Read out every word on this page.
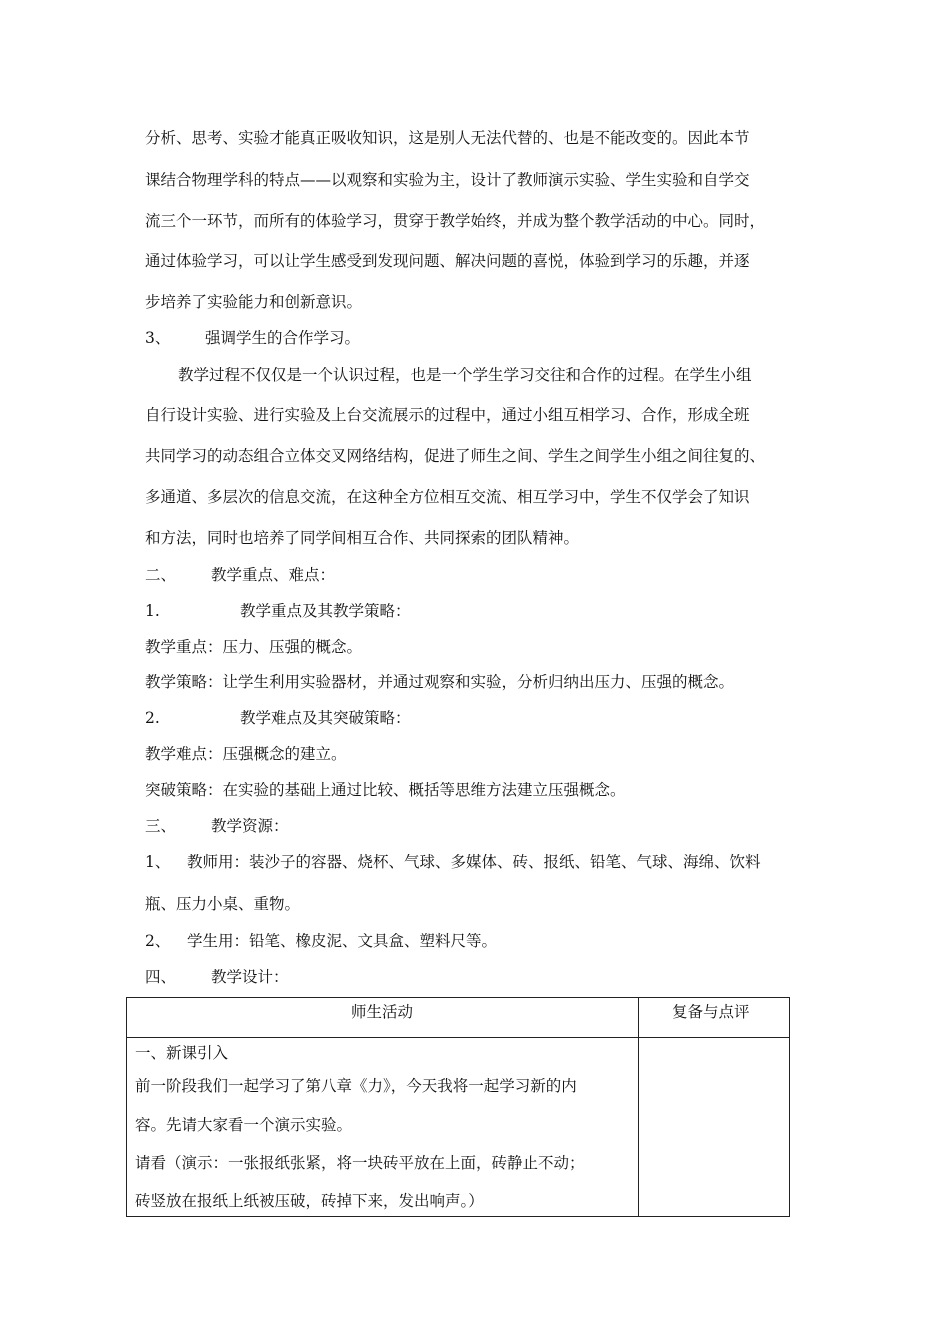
分析、思考、实验才能真正吸收知识，这是别人无法代替的、也是不能改变的。因此本节
课结合物理学科的特点——以观察和实验为主，设计了教师演示实验、学生实验和自学交
流三个一环节，而所有的体验学习，贯穿于教学始终，并成为整个教学活动的中心。同时，
通过体验学习，可以让学生感受到发现问题、解决问题的喜悦，体验到学习的乐趣，并逐
步培养了实验能力和创新意识。
3、 强调学生的合作学习。
教学过程不仅仅是一个认识过程，也是一个学生学习交往和合作的过程。在学生小组
自行设计实验、进行实验及上台交流展示的过程中，通过小组互相学习、合作，形成全班
共同学习的动态组合立体交叉网络结构，促进了师生之间、学生之间学生小组之间往复的、
多通道、多层次的信息交流，在这种全方位相互交流、相互学习中，学生不仅学会了知识
和方法，同时也培养了同学间相互合作、共同探索的团队精神。
二、 教学重点、难点：
1.	教学重点及其教学策略：
教学重点：压力、压强的概念。
教学策略：让学生利用实验器材，并通过观察和实验，分析归纳出压力、压强的概念。
2.	教学难点及其突破策略：
教学难点：压强概念的建立。
突破策略：在实验的基础上通过比较、概括等思维方法建立压强概念。
三、 教学资源：
1、 教师用：装沙子的容器、烧杯、气球、多媒体、砖、报纸、铅笔、气球、海绵、饮料
瓶、压力小桌、重物。
2、 学生用：铅笔、橡皮泥、文具盒、塑料尺等。
四、 教学设计：
师生活动	复备与点评
一、新课引入
前一阶段我们一起学习了第八章《力》，今天我将一起学习新的内
容。先请大家看一个演示实验。
请看（演示：一张报纸张紧，将一块砖平放在上面，砖静止不动；
砖竖放在报纸上纸被压破，砖掉下来，发出响声。）
